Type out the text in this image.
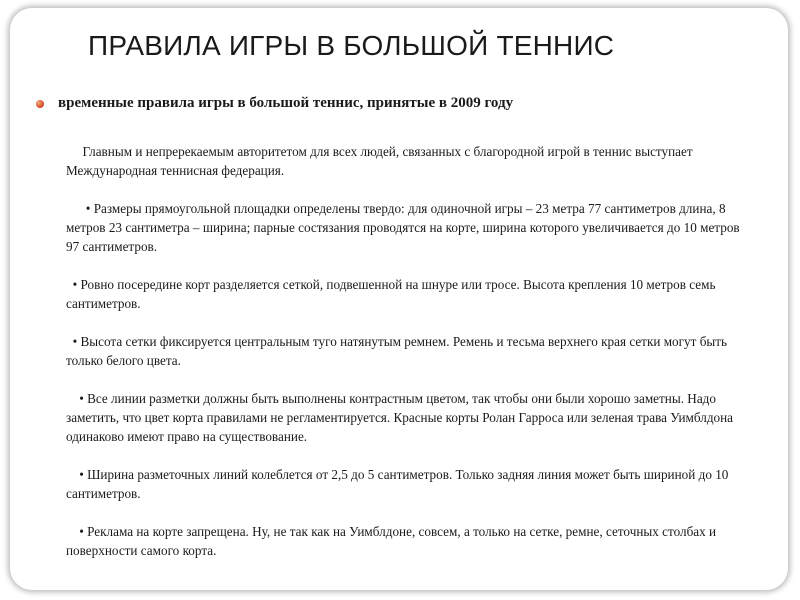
ПРАВИЛА ИГРЫ В БОЛЬШОЙ ТЕННИС
временные правила игры в большой теннис, принятые в 2009 году

Главным и непререкаемым авторитетом для всех людей, связанных с благородной игрой в теннис выступает Международная теннисная федерация.

• Размеры прямоугольной площадки определены твердо: для одиночной игры – 23 метра 77 сантиметров длина, 8 метров 23 сантиметра – ширина; парные состязания проводятся на корте, ширина которого увеличивается до 10 метров 97 сантиметров.

• Ровно посередине корт разделяется сеткой, подвешенной на шнуре или тросе. Высота крепления 10 метров семь сантиметров.

• Высота сетки фиксируется центральным туго натянутым ремнем. Ремень и тесьма верхнего края сетки могут быть только белого цвета.

• Все линии разметки должны быть выполнены контрастным цветом, так чтобы они были хорошо заметны. Надо заметить, что цвет корта правилами не регламентируется. Красные корты Ролан Гарроса или зеленая трава Уимблдона одинаково имеют право на существование.

• Ширина разметочных линий колеблется от 2,5 до 5 сантиметров. Только задняя линия может быть шириной до 10 сантиметров.

• Реклама на корте запрещена. Ну, не так как на Уимблдоне, совсем, а только на сетке, ремне, сеточных столбах и поверхности самого корта.
